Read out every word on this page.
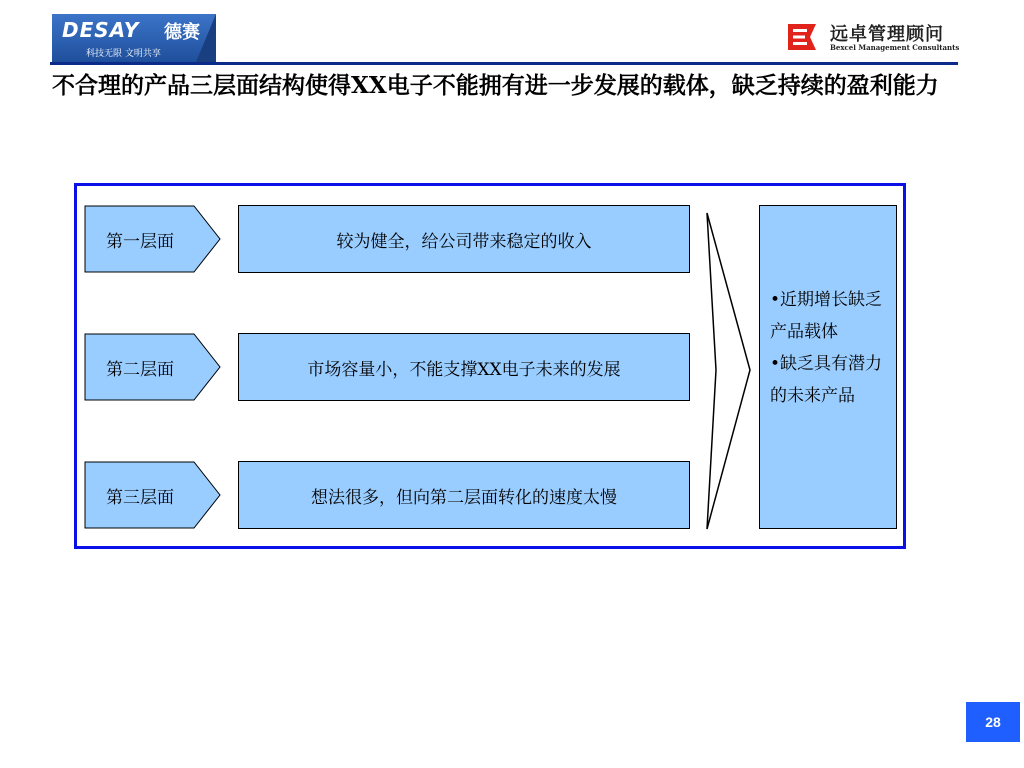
DESAY 德赛
科技无限 文明共享
远卓管理顾问
Bexcel Management Consultants
不合理的产品三层面结构使得XX电子不能拥有进一步发展的载体，缺乏持续的盈利能力
第一层面	较为健全，给公司带来稳定的收入
第二层面	市场容量小，不能支撑XX电子未来的发展
第三层面	想法很多，但向第二层面转化的速度太慢
•近期增长缺乏产品载体
•缺乏具有潜力的未来产品
28
